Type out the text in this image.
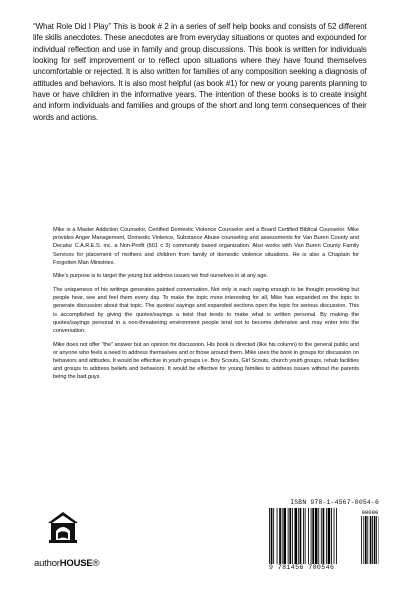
“What Role Did I Play” This is book # 2 in a series of self help books and consists of 52 different life skills anecdotes. These anecdotes are from everyday situations or quotes and expounded for individual reflection and use in family and group discussions. This book is written for individuals looking for self improvement or to reflect upon situations where they have found themselves uncomfortable or rejected. It is also written for families of any composition seeking a diagnosis of attitudes and behaviors. It is also most helpful (as book #1) for new or young parents planning to have or have children in the informative years. The intention of these books is to create insight and inform individuals and families and groups of the short and long term consequences of their words and actions.

Mike is a Master Addiction Counselor, Certified Domestic Violence Counselor and a Board Certified Biblical Counselor. Mike provides Anger Management, Domestic Violence, Substance Abuse counseling and assessments for Van Buren County and Decatur C.A.R.E.S. inc. a Non-Profit (501 c 3) community based organization. Also works with Van Buren County Family Services for placement of mothers and children from family of domestic violence situations. He is also a Chaplain for Forgotten Man Ministries.

Mike’s purpose is to target the young but address issues we find ourselves in at any age.

The uniqueness of his writings generates painted conversation. Not only is each saying enough to be thought provoking but people hear, see and feel them every day. To make the topic more interesting for all, Mike has expanded on the topic to generate discussion about that topic. The quotes/ sayings and expanded sections open the topic for serious discussion. This is accomplished by giving the quotes/sayings a twist that tends to make what is written personal. By making the quotes/sayings personal in a non-threatening environment people tend not to become defensive and may enter into the conversation.

Mike does not offer “the” answer but an opinion for discussion. His book is directed (like his column) to the general public and or anyone who feels a need to address themselves and or those around them. Mike uses the book in groups for discussion on behaviors and attitudes. It would be effective in youth groups i.e. Boy Scouts, Girl Scouts, church youth groups, rehab facilities and groups to address beliefs and behaviors. It would be effective for young families to address issues without the parents being the bad guys.

authorHOUSE®
ISBN 978-1-4567-0054-6
90000
9 781456 700546
